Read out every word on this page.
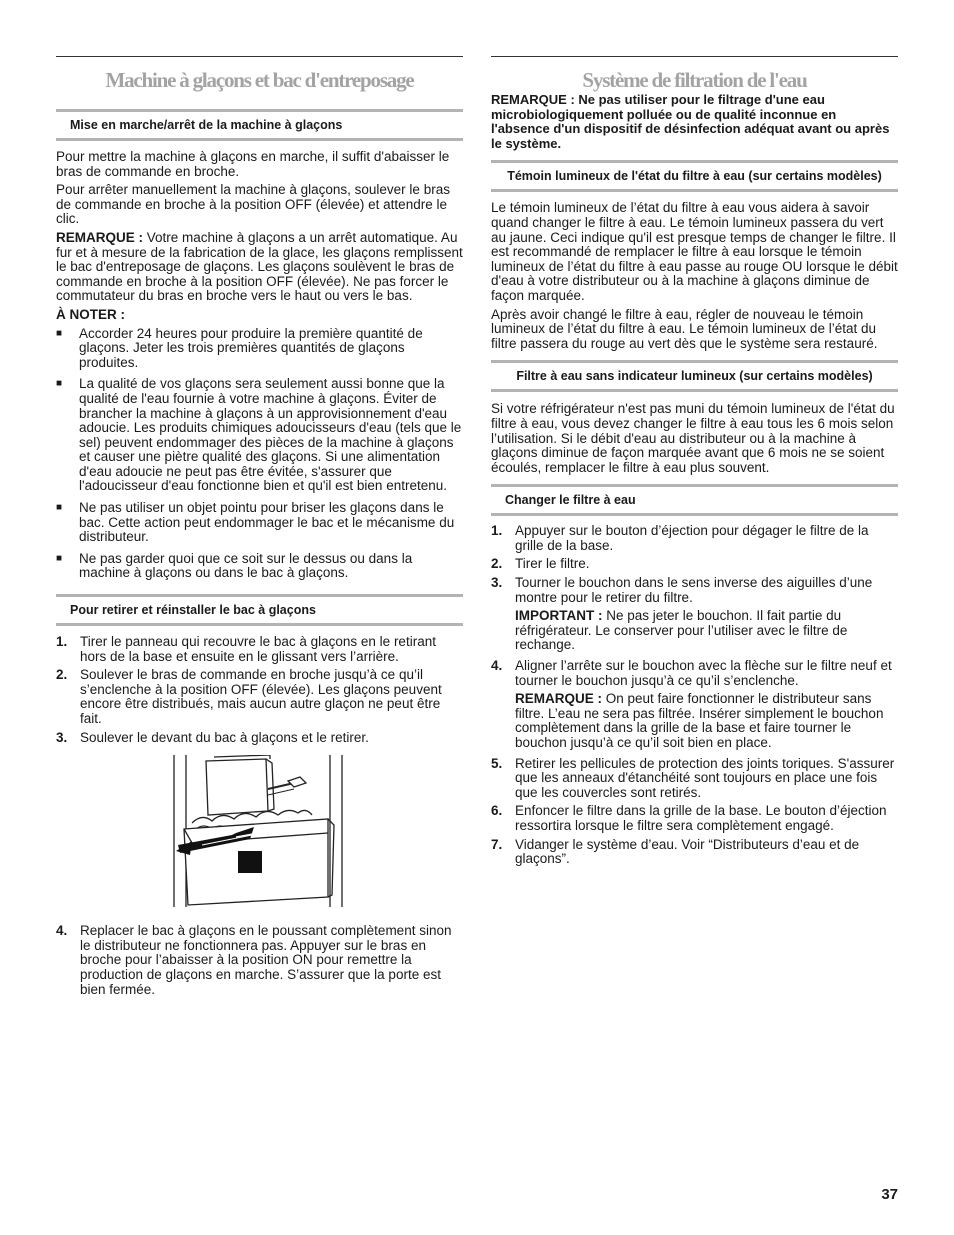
Machine à glaçons et bac d'entreposage
Mise en marche/arrêt de la machine à glaçons

Pour mettre la machine à glaçons en marche, il suffit d'abaisser le bras de commande en broche.

Pour arrêter manuellement la machine à glaçons, soulever le bras de commande en broche à la position OFF (élevée) et attendre le clic.

REMARQUE : Votre machine à glaçons a un arrêt automatique. Au fur et à mesure de la fabrication de la glace, les glaçons remplissent le bac d'entreposage de glaçons. Les glaçons soulèvent le bras de commande en broche à la position OFF (élevée). Ne pas forcer le commutateur du bras en broche vers le haut ou vers le bas.

À NOTER :

■	Accorder 24 heures pour produire la première quantité de glaçons. Jeter les trois premières quantités de glaçons produites.
■	La qualité de vos glaçons sera seulement aussi bonne que la qualité de l'eau fournie à votre machine à glaçons. Éviter de brancher la machine à glaçons à un approvisionnement d'eau adoucie. Les produits chimiques adoucisseurs d'eau (tels que le sel) peuvent endommager des pièces de la machine à glaçons et causer une piètre qualité des glaçons. Si une alimentation d'eau adoucie ne peut pas être évitée, s'assurer que l'adoucisseur d'eau fonctionne bien et qu'il est bien entretenu.
■	Ne pas utiliser un objet pointu pour briser les glaçons dans le bac. Cette action peut endommager le bac et le mécanisme du distributeur.
■	Ne pas garder quoi que ce soit sur le dessus ou dans la machine à glaçons ou dans le bac à glaçons.
Pour retirer et réinstaller le bac à glaçons
1. Tirer le panneau qui recouvre le bac à glaçons en le retirant hors de la base et ensuite en le glissant vers l’arrière.
2. Soulever le bras de commande en broche jusqu’à ce qu’il s’enclenche à la position OFF (élevée). Les glaçons peuvent encore être distribués, mais aucun autre glaçon ne peut être fait.
3. Soulever le devant du bac à glaçons et le retirer.
4. Replacer le bac à glaçons en le poussant complètement sinon le distributeur ne fonctionnera pas. Appuyer sur le bras en broche pour l’abaisser à la position ON pour remettre la production de glaçons en marche. S’assurer que la porte est bien fermée.
Système de filtration de l'eau

REMARQUE : Ne pas utiliser pour le filtrage d'une eau microbiologiquement polluée ou de qualité inconnue en l'absence d'un dispositif de désinfection adéquat avant ou après le système.

Témoin lumineux de l'état du filtre à eau (sur certains modèles)

Le témoin lumineux de l’état du filtre à eau vous aidera à savoir quand changer le filtre à eau. Le témoin lumineux passera du vert au jaune. Ceci indique qu'il est presque temps de changer le filtre. Il est recommandé de remplacer le filtre à eau lorsque le témoin lumineux de l’état du filtre à eau passe au rouge OU lorsque le débit d'eau à votre distributeur ou à la machine à glaçons diminue de façon marquée.

Après avoir changé le filtre à eau, régler de nouveau le témoin lumineux de l’état du filtre à eau. Le témoin lumineux de l’état du filtre passera du rouge au vert dès que le système sera restauré.

Filtre à eau sans indicateur lumineux (sur certains modèles)

Si votre réfrigérateur n'est pas muni du témoin lumineux de l'état du filtre à eau, vous devez changer le filtre à eau tous les 6 mois selon l’utilisation. Si le débit d'eau au distributeur ou à la machine à glaçons diminue de façon marquée avant que 6 mois ne se soient écoulés, remplacer le filtre à eau plus souvent.

Changer le filtre à eau
1. Appuyer sur le bouton d’éjection pour dégager le filtre de la grille de la base.
2. Tirer le filtre.
3. Tourner le bouchon dans le sens inverse des aiguilles d’une montre pour le retirer du filtre.

IMPORTANT : Ne pas jeter le bouchon. Il fait partie du réfrigérateur. Le conserver pour l’utiliser avec le filtre de rechange.

4. Aligner l’arrête sur le bouchon avec la flèche sur le filtre neuf et tourner le bouchon jusqu’à ce qu’il s’enclenche.

REMARQUE : On peut faire fonctionner le distributeur sans filtre. L’eau ne sera pas filtrée. Insérer simplement le bouchon complètement dans la grille de la base et faire tourner le bouchon jusqu’à ce qu’il soit bien en place.

5. Retirer les pellicules de protection des joints toriques. S'assurer que les anneaux d'étanchéité sont toujours en place une fois que les couvercles sont retirés.
6. Enfoncer le filtre dans la grille de la base. Le bouton d’éjection ressortira lorsque le filtre sera complètement engagé.
7. Vidanger le système d’eau. Voir “Distributeurs d’eau et de glaçons”.
37
